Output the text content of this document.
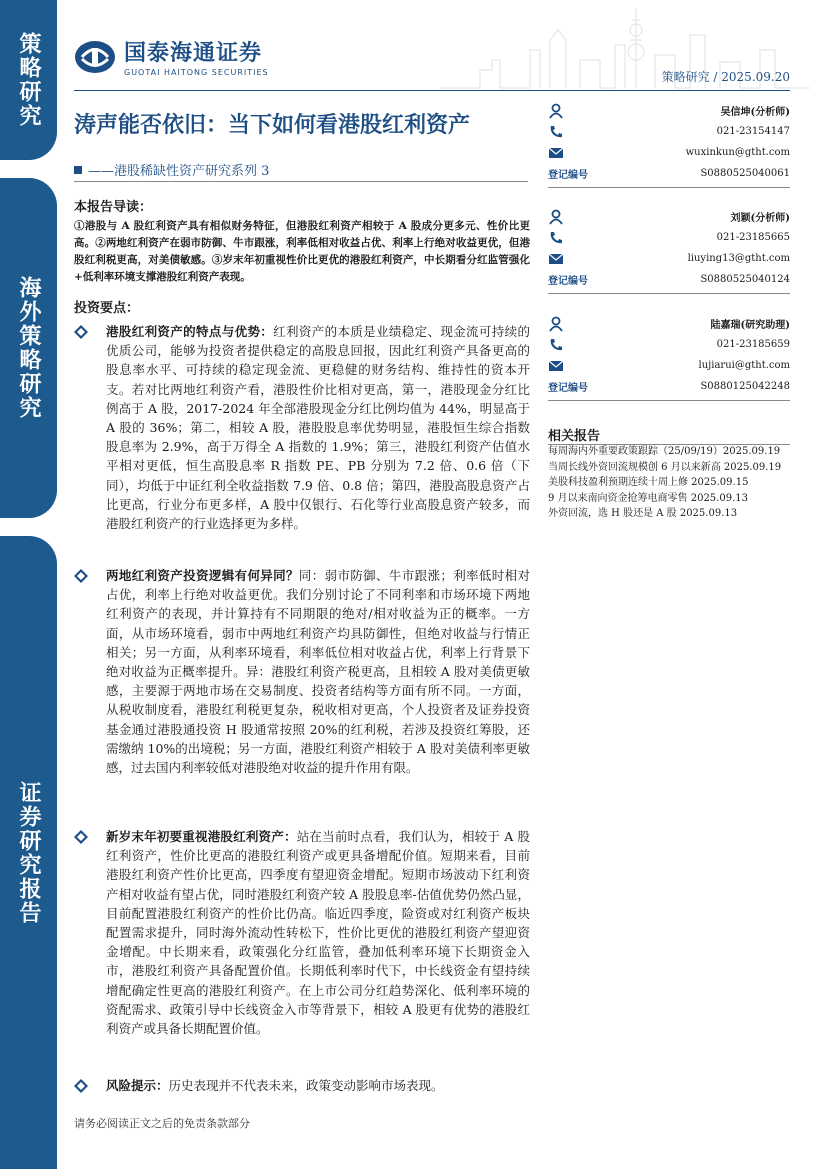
策略研究
海外策略研究
证券研究报告
国泰海通证券
GUOTAI HAITONG SECURITIES	策略研究 / 2025.09.20
涛声能否依旧：当下如何看港股红利资产
——港股稀缺性资产研究系列 3
吴信坤(分析师)
021-23154147
wuxinkun@gtht.com
登记编号	S0880525040061
刘颖(分析师)
021-23185665
liuying13@gtht.com
登记编号	S0880525040124
陆嘉瑞(研究助理)
021-23185659
lujiarui@gtht.com
登记编号	S0880125042248
相关报告
每周海内外重要政策跟踪（25/09/19）2025.09.19
当周长线外资回流规模创 6 月以来新高 2025.09.19
美股科技盈利预期连续十周上修 2025.09.15
9 月以来南向资金抢筹电商零售 2025.09.13
外资回流，选 H 股还是 A 股 2025.09.13
本报告导读：
①港股与 A 股红利资产具有相似财务特征，但港股红利资产相较于 A 股成分更多元、性价比更高。②两地红利资产在弱市防御、牛市跟涨，利率低相对收益占优、利率上行绝对收益更优，但港股红利税更高，对美债敏感。③岁末年初重视性价比更优的港股红利资产，中长期看分红监管强化+低利率环境支撑港股红利资产表现。
投资要点：
港股红利资产的特点与优势：红利资产的本质是业绩稳定、现金流可持续的优质公司，能够为投资者提供稳定的高股息回报，因此红利资产具备更高的股息率水平、可持续的稳定现金流、更稳健的财务结构、维持性的资本开支。若对比两地红利资产看，港股性价比相对更高，第一，港股现金分红比例高于 A 股，2017-2024 年全部港股现金分红比例均值为 44%，明显高于 A 股的 36%；第二，相较 A 股，港股股息率优势明显，港股恒生综合指数股息率为 2.9%，高于万得全 A 指数的 1.9%；第三，港股红利资产估值水平相对更低，恒生高股息率 R 指数 PE、PB 分别为 7.2 倍、0.6 倍（下同），均低于中证红利全收益指数 7.9 倍、0.8 倍；第四，港股高股息资产占比更高，行业分布更多样，A 股中仅银行、石化等行业高股息资产较多，而港股红利资产的行业选择更为多样。
两地红利资产投资逻辑有何异同？同：弱市防御、牛市跟涨；利率低时相对占优，利率上行绝对收益更优。我们分别讨论了不同利率和市场环境下两地红利资产的表现，并计算持有不同期限的绝对/相对收益为正的概率。一方面，从市场环境看，弱市中两地红利资产均具防御性，但绝对收益与行情正相关；另一方面，从利率环境看，利率低位相对收益占优，利率上行背景下绝对收益为正概率提升。异：港股红利资产税更高，且相较 A 股对美债更敏感，主要源于两地市场在交易制度、投资者结构等方面有所不同。一方面，从税收制度看，港股红利税更复杂，税收相对更高，个人投资者及证券投资基金通过港股通投资 H 股通常按照 20%的红利税，若涉及投资红筹股，还需缴纳 10%的出境税；另一方面，港股红利资产相较于 A 股对美债利率更敏感，过去国内利率较低对港股绝对收益的提升作用有限。
新岁末年初要重视港股红利资产：站在当前时点看，我们认为，相较于 A 股红利资产，性价比更高的港股红利资产或更具备增配价值。短期来看，目前港股红利资产性价比更高，四季度有望迎资金增配。短期市场波动下红利资产相对收益有望占优，同时港股红利资产较 A 股股息率-估值优势仍然凸显，目前配置港股红利资产的性价比仍高。临近四季度，险资或对红利资产板块配置需求提升，同时海外流动性转松下，性价比更优的港股红利资产望迎资金增配。中长期来看，政策强化分红监管，叠加低利率环境下长期资金入市，港股红利资产具备配置价值。长期低利率时代下，中长线资金有望持续增配确定性更高的港股红利资产。在上市公司分红趋势深化、低利率环境的资配需求、政策引导中长线资金入市等背景下，相较 A 股更有优势的港股红利资产或具备长期配置价值。
风险提示：历史表现并不代表未来，政策变动影响市场表现。
请务必阅读正文之后的免责条款部分
